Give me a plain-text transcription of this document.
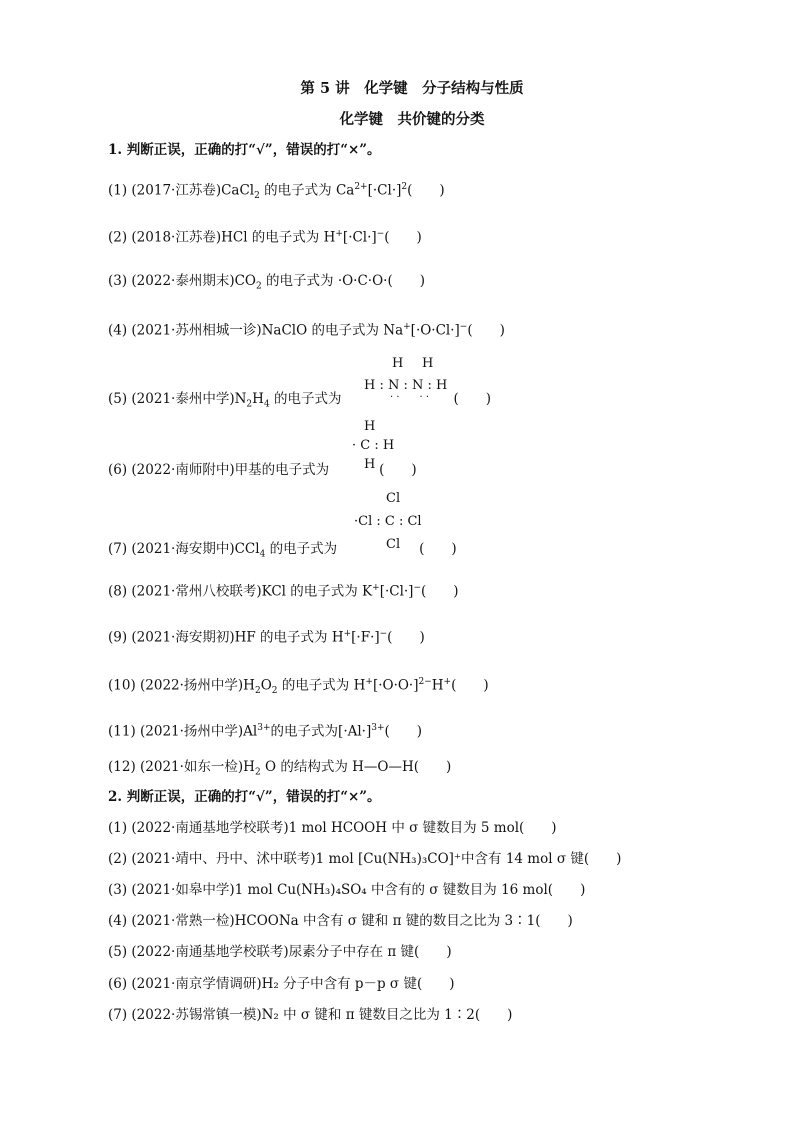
第 5 讲　化学键　分子结构与性质
化学键　共价键的分类
1. 判断正误，正确的打“√”，错误的打“×”。
(1) (2017·江苏卷)CaCl$_2$ 的电子式为 $Ca^{2+}[\cdot Cl\cdot]^2$(　　)
(2) (2018·江苏卷)HCl 的电子式为 H+[·Cl·]−(　　)
(3) (2022·泰州期末)$CO_2$ 的电子式为 ·O·C·O·(　　)
(4) (2021·苏州相城一诊)NaClO 的电子式为 Na+[·O·Cl·]−(　　)
H H
H : N : N : H
· ·　　· ·
(5) (2021·泰州中学)$N_2H_4$ 的电子式为	(　　)
H
· C : H
H
(6) (2022·南师附中)甲基的电子式为	(　　)
Cl
·Cl : C : Cl
Cl
(7) (2021·海安期中)CCl$_4$ 的电子式为	(　　)
(8) (2021·常州八校联考)KCl 的电子式为 K+[·Cl·]−(　　)
(9) (2021·海安期初)HF 的电子式为 H+[·F·]−(　　)
(10) (2022·扬州中学)$H_2O_2$ 的电子式为 $H^+[\cdot O\cdot O\cdot]^{2-}H^+$(　　)
(11) (2021·扬州中学)$Al^{3+}$的电子式为$[\cdot Al\cdot]^{3+}$(　　)
(12) (2021·如东一检)$H_2$ O 的结构式为 H—O—H(　　)
2. 判断正误，正确的打“√”，错误的打“×”。
(1) (2022·南通基地学校联考)1 mol HCOOH 中 σ 键数目为 5 mol(　　)
(2) (2021·靖中、丹中、沭中联考)1 mol [Cu(NH₃)₃CO]⁺中含有 14 mol σ 键(　　)
(3) (2021·如皋中学)1 mol Cu(NH₃)₄SO₄ 中含有的 σ 键数目为 16 mol(　　)
(4) (2021·常熟一检)HCOONa 中含有 σ 键和 π 键的数目之比为 3∶1(　　)
(5) (2022·南通基地学校联考)尿素分子中存在 π 键(　　)
(6) (2021·南京学情调研)H₂ 分子中含有 p－p σ 键(　　)
(7) (2022·苏锡常镇一模)N₂ 中 σ 键和 π 键数目之比为 1∶2(　　)
